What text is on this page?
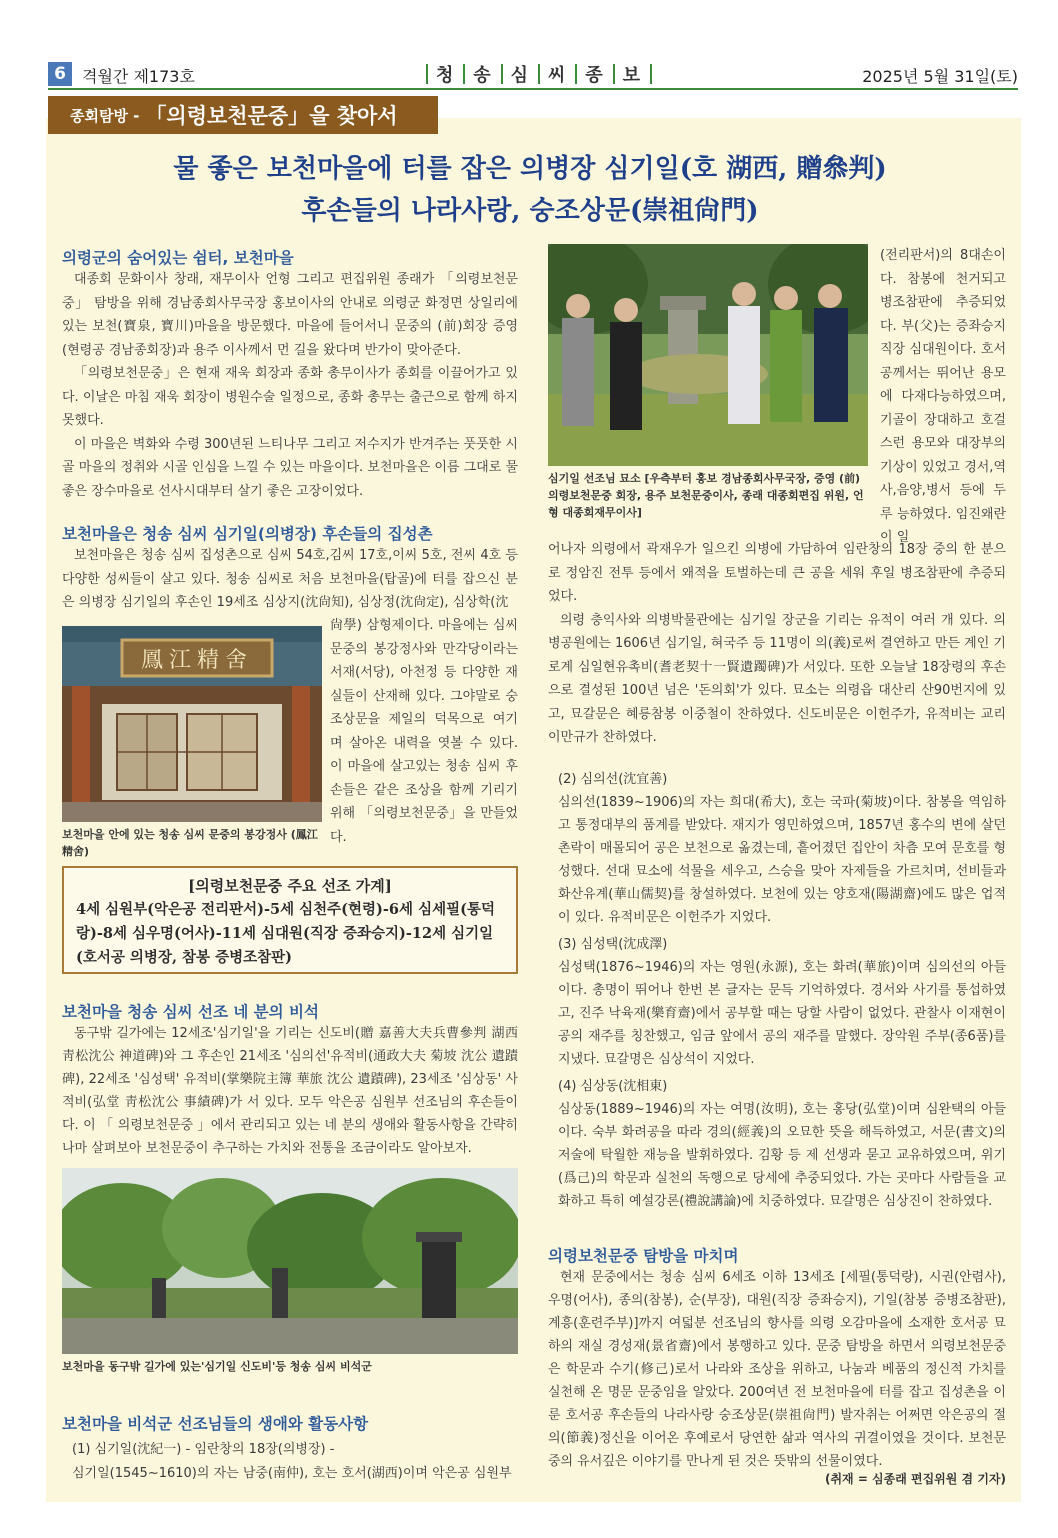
6	격월간 제173호	청 송 심 씨 종 보	2025년 5월 31일(토)
종회탐방 - 「의령보천문중」을 찾아서
물 좋은 보천마을에 터를 잡은 의병장 심기일(호 湖西, 贈叅判)
후손들의 나라사랑, 숭조상문(崇祖尙門)
의령군의 숨어있는 쉼터, 보천마을

대종회 문화이사 창래, 재무이사 언형 그리고 편집위원 종래가 「의령보천문중」 탐방을 위해 경남종회사무국장 홍보이사의 안내로 의령군 화정면 상일리에 있는 보천(寶泉, 寶川)마을을 방문했다. 마을에 들어서니 문중의 (前)회장 증영(현령공 경남종회장)과 용주 이사께서 먼 길을 왔다며 반가이 맞아준다.

「의령보천문중」은 현재 재욱 회장과 종화 총무이사가 종회를 이끌어가고 있다. 이날은 마침 재욱 회장이 병원수술 일정으로, 종화 총무는 출근으로 함께 하지 못했다.

이 마을은 벽화와 수령 300년된 느티나무 그리고 저수지가 반겨주는 풋풋한 시골 마을의 정취와 시골 인심을 느낄 수 있는 마을이다. 보천마을은 이름 그대로 물좋은 장수마을로 선사시대부터 살기 좋은 고장이었다.

보천마을은 청송 심씨 심기일(의병장) 후손들의 집성촌

보천마을은 청송 심씨 집성촌으로 심씨 54호,김씨 17호,이씨 5호, 전씨 4호 등 다양한 성씨들이 살고 있다. 청송 심씨로 처음 보천마을(탑골)에 터를 잡으신 분은 의병장 심기일의 후손인 19세조 심상지(沈尙知), 심상정(沈尙定), 심상학(沈

鳳江精舍
尙學) 삼형제이다. 마을에는 심씨 문중의 봉강정사와 만각당이라는 서재(서당), 아천정 등 다양한 재실들이 산재해 있다. 그야말로 숭조상문을 제일의 덕목으로 여기며 살아온 내력을 엿볼 수 있다. 이 마을에 살고있는 청송 심씨 후손들은 같은 조상을 함께 기리기 위해 「의령보천문중」을 만들었다.
보천마을 안에 있는 청송 심씨 문중의 봉강정사 (鳳江精舍)
[의령보천문중 주요 선조 가계]
4세 심원부(악은공 전리판서)-5세 심천주(현령)-6세 심세필(통덕랑)-8세 심우명(어사)-11세 심대원(직장 증좌승지)-12세 심기일(호서공 의병장, 참봉 증병조참판)
보천마을 청송 심씨 선조 네 분의 비석

동구밖 길가에는 12세조'심기일'을 기리는 신도비(贈 嘉善大夫兵曹參判 湖西 靑松沈公 神道碑)와 그 후손인 21세조 '심의선'유적비(通政大夫 菊坡 沈公 遺蹟碑), 22세조 '심성택' 유적비(掌樂院主簿 華旅 沈公 遺蹟碑), 23세조 '심상동' 사적비(弘堂 靑松沈公 事績碑)가 서 있다. 모두 악은공 심원부 선조님의 후손들이다. 이 「 의령보천문중 」에서 관리되고 있는 네 분의 생애와 활동사항을 간략히 나마 살펴보아 보천문중이 추구하는 가치와 전통을 조금이라도 알아보자.

보천마을 동구밖 길가에 있는'심기일 신도비'등 청송 심씨 비석군
보천마을 비석군 선조님들의 생애와 활동사항
(1) 심기일(沈紀一) - 임란창의 18장(의병장) -
심기일(1545~1610)의 자는 남중(南仲), 호는 호서(湖西)이며 악은공 심원부
심기일 선조님 묘소 [우측부터 홍보 경남종회사무국장, 증영 (前)의령보천문중 회장, 용주 보천문중이사, 종래 대종회편집 위원, 언형 대종회재무이사]
(전리판서)의 8대손이다. 참봉에 천거되고 병조참판에 추증되었다. 부(父)는 증좌승지 직장 심대원이다. 호서공께서는 뛰어난 용모에 다재다능하였으며, 기골이 장대하고 호걸스런 용모와 대장부의 기상이 있었고 경서,역사,음양,병서 등에 두루 능하였다. 임진왜란이 일
어나자 의령에서 곽재우가 일으킨 의병에 가담하여 임란창의 18장 중의 한 분으로 정암진 전투 등에서 왜적을 토벌하는데 큰 공을 세워 후일 병조참판에 추증되었다.

의령 충익사와 의병박물관에는 심기일 장군을 기리는 유적이 여러 개 있다. 의병공원에는 1606년 심기일, 혀국주 등 11명이 의(義)로써 결연하고 만든 계인 기로계 심일현유촉비(耆老契十一賢遺躅碑)가 서있다. 또한 오늘날 18장령의 후손으로 결성된 100년 넘은 '돈의회'가 있다. 묘소는 의령읍 대산리 산90번지에 있고, 묘갈문은 혜릉참봉 이중철이 찬하였다. 신도비문은 이헌주가, 유적비는 교리 이만규가 찬하였다.

(2) 심의선(沈宜善)
심의선(1839~1906)의 자는 희대(希大), 호는 국파(菊坡)이다. 참봉을 역임하고 통정대부의 품계를 받았다. 재지가 영민하였으며, 1857년 홍수의 변에 살던 촌락이 매몰되어 공은 보천으로 옮겼는데, 흩어졌던 집안이 차츰 모여 문호를 형성했다. 선대 묘소에 석물을 세우고, 스승을 맞아 자제들을 가르치며, 선비들과 화산유계(華山儒契)를 창설하였다. 보천에 있는 양호재(陽湖齋)에도 많은 업적이 있다. 유적비문은 이헌주가 지었다.
(3) 심성택(沈成澤)
심성택(1876~1946)의 자는 영원(永源), 호는 화려(華旅)이며 심의선의 아들이다. 총명이 뛰어나 한번 본 글자는 문득 기억하였다. 경서와 사기를 통섭하였고, 진주 낙육재(樂育齋)에서 공부할 때는 당할 사람이 없었다. 관찰사 이재현이 공의 재주를 칭찬했고, 임금 앞에서 공의 재주를 말했다. 장악원 주부(종6품)를 지냈다. 묘갈명은 심상석이 지었다.
(4) 심상동(沈相東)
심상동(1889~1946)의 자는 여명(汝明), 호는 홍당(弘堂)이며 심완택의 아들이다. 숙부 화려공을 따라 경의(經義)의 오묘한 뜻을 해득하였고, 서문(書文)의 저술에 탁월한 재능을 발휘하였다. 김황 등 제 선생과 묻고 교유하였으며, 위기(爲己)의 학문과 실천의 독행으로 당세에 추중되었다. 가는 곳마다 사람들을 교화하고 특히 예설강론(禮說講論)에 치중하였다. 묘갈명은 심상진이 찬하였다.
의령보천문중 탐방을 마치며

현재 문중에서는 청송 심씨 6세조 이하 13세조 [세필(통덕랑), 시권(안렴사), 우명(어사), 종의(참봉), 순(부장), 대원(직장 증좌승지), 기일(참봉 증병조참판), 계흥(훈련주부)]까지 여덟분 선조님의 향사를 의령 오감마을에 소재한 호서공 묘하의 재실 경성재(景省齋)에서 봉행하고 있다. 문중 탐방을 하면서 의령보천문중은 학문과 수기(修己)로서 나라와 조상을 위하고, 나눔과 베품의 정신적 가치를 실천해 온 명문 문중임을 알았다. 200여년 전 보천마을에 터를 잡고 집성촌을 이룬 호서공 후손들의 나라사랑 숭조상문(崇祖尙門) 발자취는 어쩌면 악은공의 절의(節義)정신을 이어온 후예로서 당연한 삶과 역사의 귀결이였을 것이다. 보천문중의 유서깊은 이야기를 만나게 된 것은 뜻밖의 선물이였다.

(취재 = 심종래 편집위원 겸 기자)
